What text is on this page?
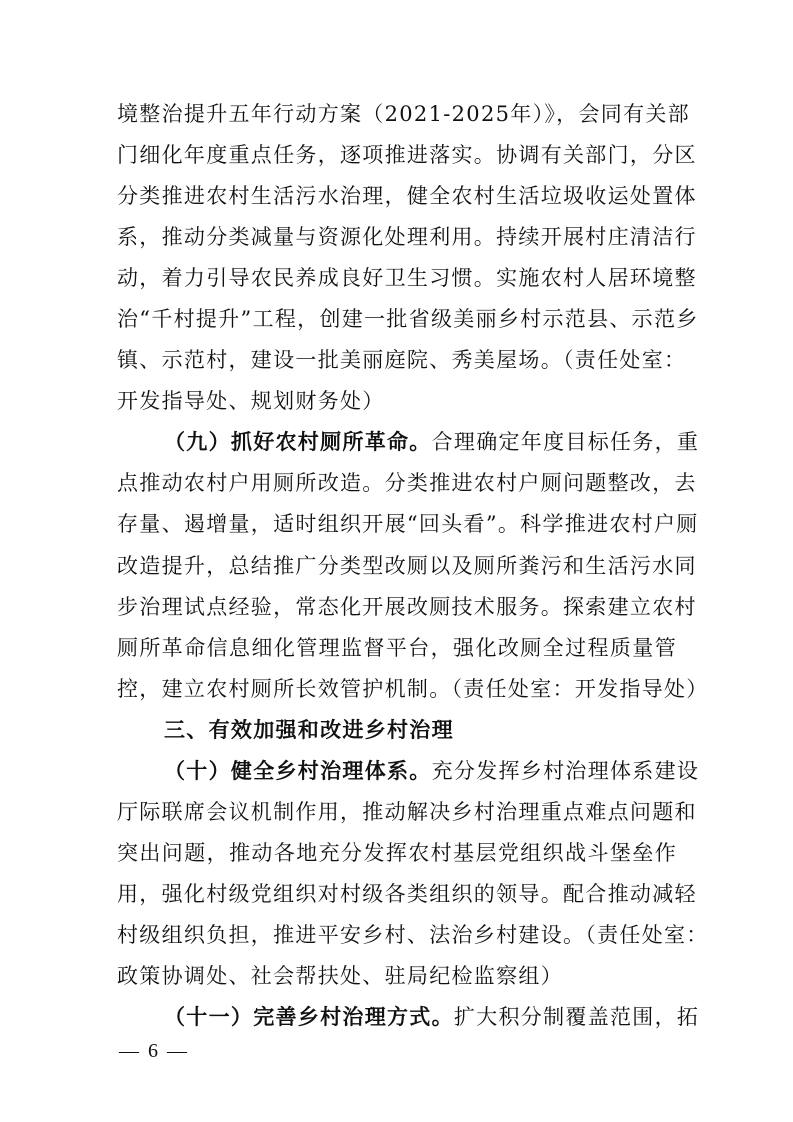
境整治提升五年行动方案（2021-2025年）》，会同有关部
门细化年度重点任务，逐项推进落实。协调有关部门，分区
分类推进农村生活污水治理，健全农村生活垃圾收运处置体
系，推动分类减量与资源化处理利用。持续开展村庄清洁行
动，着力引导农民养成良好卫生习惯。实施农村人居环境整
治“千村提升”工程，创建一批省级美丽乡村示范县、示范乡
镇、示范村，建设一批美丽庭院、秀美屋场。（责任处室：
开发指导处、规划财务处）
（九）抓好农村厕所革命。合理确定年度目标任务，重
点推动农村户用厕所改造。分类推进农村户厕问题整改，去
存量、遏增量，适时组织开展“回头看”。科学推进农村户厕
改造提升，总结推广分类型改厕以及厕所粪污和生活污水同
步治理试点经验，常态化开展改厕技术服务。探索建立农村
厕所革命信息细化管理监督平台，强化改厕全过程质量管
控，建立农村厕所长效管护机制。（责任处室：开发指导处）
三、有效加强和改进乡村治理
（十）健全乡村治理体系。充分发挥乡村治理体系建设
厅际联席会议机制作用，推动解决乡村治理重点难点问题和
突出问题，推动各地充分发挥农村基层党组织战斗堡垒作
用，强化村级党组织对村级各类组织的领导。配合推动减轻
村级组织负担，推进平安乡村、法治乡村建设。（责任处室：
政策协调处、社会帮扶处、驻局纪检监察组）
（十一）完善乡村治理方式。扩大积分制覆盖范围，拓
— 6 —
